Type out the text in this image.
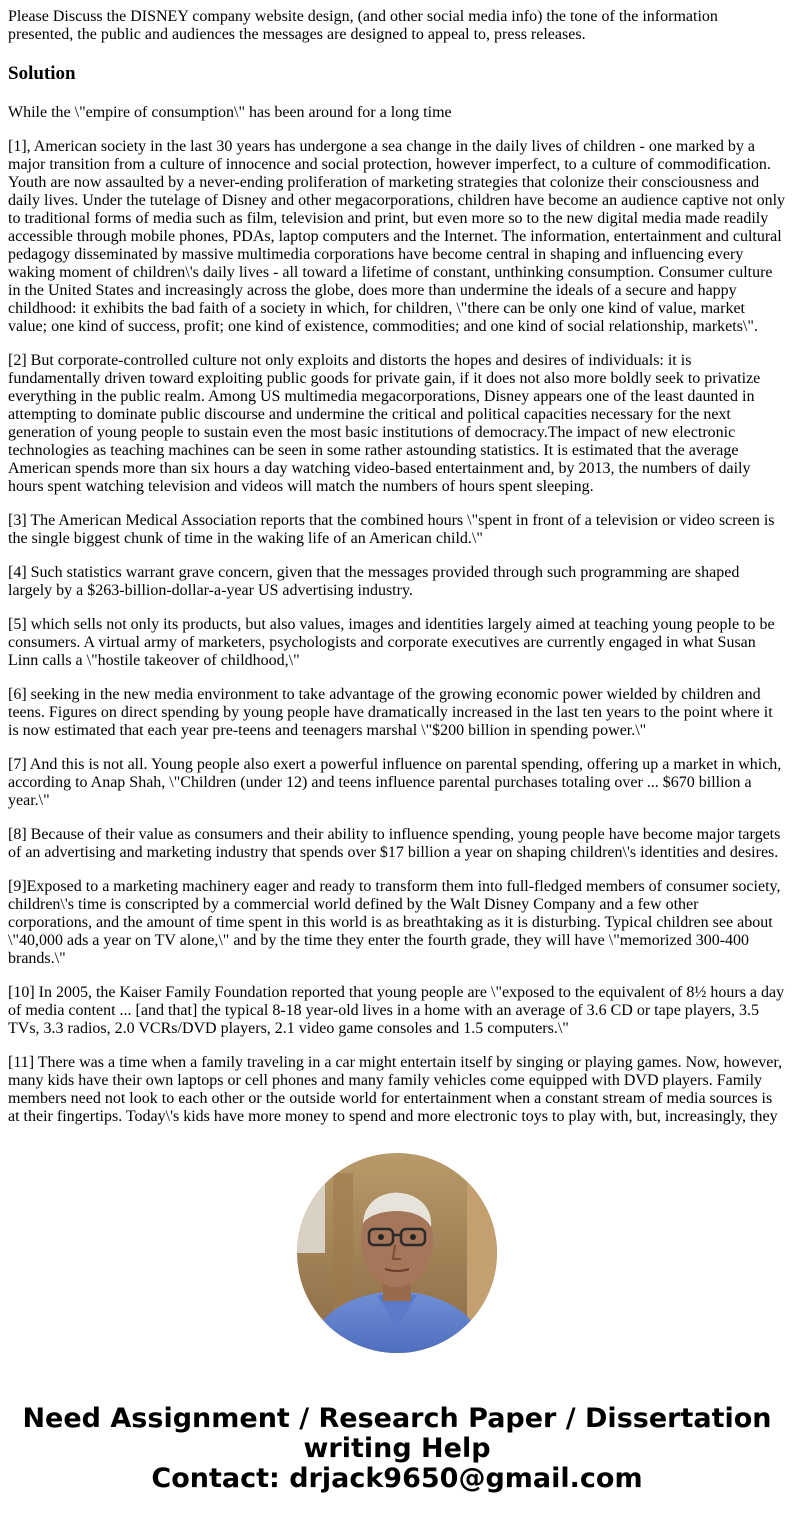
Please Discuss the DISNEY company website design, (and other social media info) the tone of the information presented, the public and audiences the messages are designed to appeal to, press releases.

Solution

While the \"empire of consumption\" has been around for a long time

[1], American society in the last 30 years has undergone a sea change in the daily lives of children - one marked by a major transition from a culture of innocence and social protection, however imperfect, to a culture of commodification. Youth are now assaulted by a never-ending proliferation of marketing strategies that colonize their consciousness and daily lives. Under the tutelage of Disney and other megacorporations, children have become an audience captive not only to traditional forms of media such as film, television and print, but even more so to the new digital media made readily accessible through mobile phones, PDAs, laptop computers and the Internet. The information, entertainment and cultural pedagogy disseminated by massive multimedia corporations have become central in shaping and influencing every waking moment of children\'s daily lives - all toward a lifetime of constant, unthinking consumption. Consumer culture in the United States and increasingly across the globe, does more than undermine the ideals of a secure and happy childhood: it exhibits the bad faith of a society in which, for children, \"there can be only one kind of value, market value; one kind of success, profit; one kind of existence, commodities; and one kind of social relationship, markets\".

[2] But corporate-controlled culture not only exploits and distorts the hopes and desires of individuals: it is fundamentally driven toward exploiting public goods for private gain, if it does not also more boldly seek to privatize everything in the public realm. Among US multimedia megacorporations, Disney appears one of the least daunted in attempting to dominate public discourse and undermine the critical and political capacities necessary for the next generation of young people to sustain even the most basic institutions of democracy.The impact of new electronic technologies as teaching machines can be seen in some rather astounding statistics. It is estimated that the average American spends more than six hours a day watching video-based entertainment and, by 2013, the numbers of daily hours spent watching television and videos will match the numbers of hours spent sleeping.

[3] The American Medical Association reports that the combined hours \"spent in front of a television or video screen is the single biggest chunk of time in the waking life of an American child.\"

[4] Such statistics warrant grave concern, given that the messages provided through such programming are shaped largely by a $263-billion-dollar-a-year US advertising industry.

[5] which sells not only its products, but also values, images and identities largely aimed at teaching young people to be consumers. A virtual army of marketers, psychologists and corporate executives are currently engaged in what Susan Linn calls a \"hostile takeover of childhood,\"

[6] seeking in the new media environment to take advantage of the growing economic power wielded by children and teens. Figures on direct spending by young people have dramatically increased in the last ten years to the point where it is now estimated that each year pre-teens and teenagers marshal \"$200 billion in spending power.\"

[7] And this is not all. Young people also exert a powerful influence on parental spending, offering up a market in which, according to Anap Shah, \"Children (under 12) and teens influence parental purchases totaling over ... $670 billion a year.\"

[8] Because of their value as consumers and their ability to influence spending, young people have become major targets of an advertising and marketing industry that spends over $17 billion a year on shaping children\'s identities and desires.

[9]Exposed to a marketing machinery eager and ready to transform them into full-fledged members of consumer society, children\'s time is conscripted by a commercial world defined by the Walt Disney Company and a few other corporations, and the amount of time spent in this world is as breathtaking as it is disturbing. Typical children see about \"40,000 ads a year on TV alone,\" and by the time they enter the fourth grade, they will have \"memorized 300-400 brands.\"

[10] In 2005, the Kaiser Family Foundation reported that young people are \"exposed to the equivalent of 8½ hours a day of media content ... [and that] the typical 8-18 year-old lives in a home with an average of 3.6 CD or tape players, 3.5 TVs, 3.3 radios, 2.0 VCRs/DVD players, 2.1 video game consoles and 1.5 computers.\"

[11] There was a time when a family traveling in a car might entertain itself by singing or playing games. Now, however, many kids have their own laptops or cell phones and many family vehicles come equipped with DVD players. Family members need not look to each other or the outside world for entertainment when a constant stream of media sources is at their fingertips. Today\'s kids have more money to spend and more electronic toys to play with, but, increasingly, they

Need Assignment / Research Paper / Dissertation
writing Help
Contact: drjack9650@gmail.com
